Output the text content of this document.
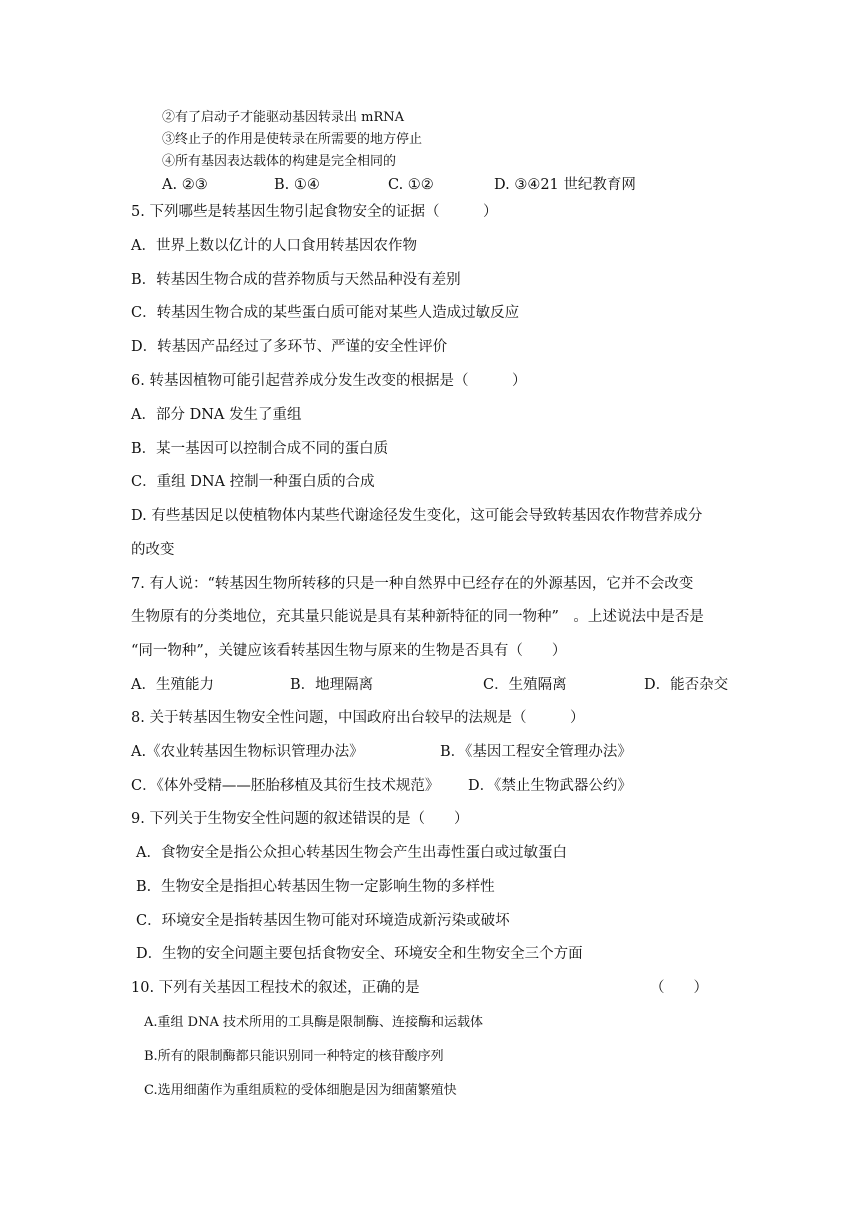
②有了启动子才能驱动基因转录出 mRNA
③终止子的作用是使转录在所需要的地方停止
④所有基因表达载体的构建是完全相同的
A. ②③	B. ①④	C. ①②	D. ③④21 世纪教育网
5. 下列哪些是转基因生物引起食物安全的证据（　　　）
A．世界上数以亿计的人口食用转基因农作物
B．转基因生物合成的营养物质与天然品种没有差别
C．转基因生物合成的某些蛋白质可能对某些人造成过敏反应
D．转基因产品经过了多环节、严谨的安全性评价
6. 转基因植物可能引起营养成分发生改变的根据是（　　　）
A．部分 DNA 发生了重组
B．某一基因可以控制合成不同的蛋白质
C．重组 DNA 控制一种蛋白质的合成
D. 有些基因足以使植物体内某些代谢途径发生变化，这可能会导致转基因农作物营养成分
的改变
7. 有人说：“转基因生物所转移的只是一种自然界中已经存在的外源基因，它并不会改变
生物原有的分类地位，充其量只能说是具有某种新特征的同一物种”　。上述说法中是否是
“同一物种”，关键应该看转基因生物与原来的生物是否具有（　　）
A．生殖能力	B．地理隔离	C．生殖隔离	D．能否杂交
8. 关于转基因生物安全性问题，中国政府出台较早的法规是（　　　）
A.《农业转基因生物标识管理办法》	B．《基因工程安全管理办法》
C．《体外受精——胚胎移植及其衍生技术规范》 D．《禁止生物武器公约》
9. 下列关于生物安全性问题的叙述错误的是（　　）
A．食物安全是指公众担心转基因生物会产生出毒性蛋白或过敏蛋白
B．生物安全是指担心转基因生物一定影响生物的多样性
C．环境安全是指转基因生物可能对环境造成新污染或破坏
D．生物的安全问题主要包括食物安全、环境安全和生物安全三个方面
10. 下列有关基因工程技术的叙述，正确的是	（　　）
A.重组 DNA 技术所用的工具酶是限制酶、连接酶和运载体
B.所有的限制酶都只能识别同一种特定的核苷酸序列
C.选用细菌作为重组质粒的受体细胞是因为细菌繁殖快
